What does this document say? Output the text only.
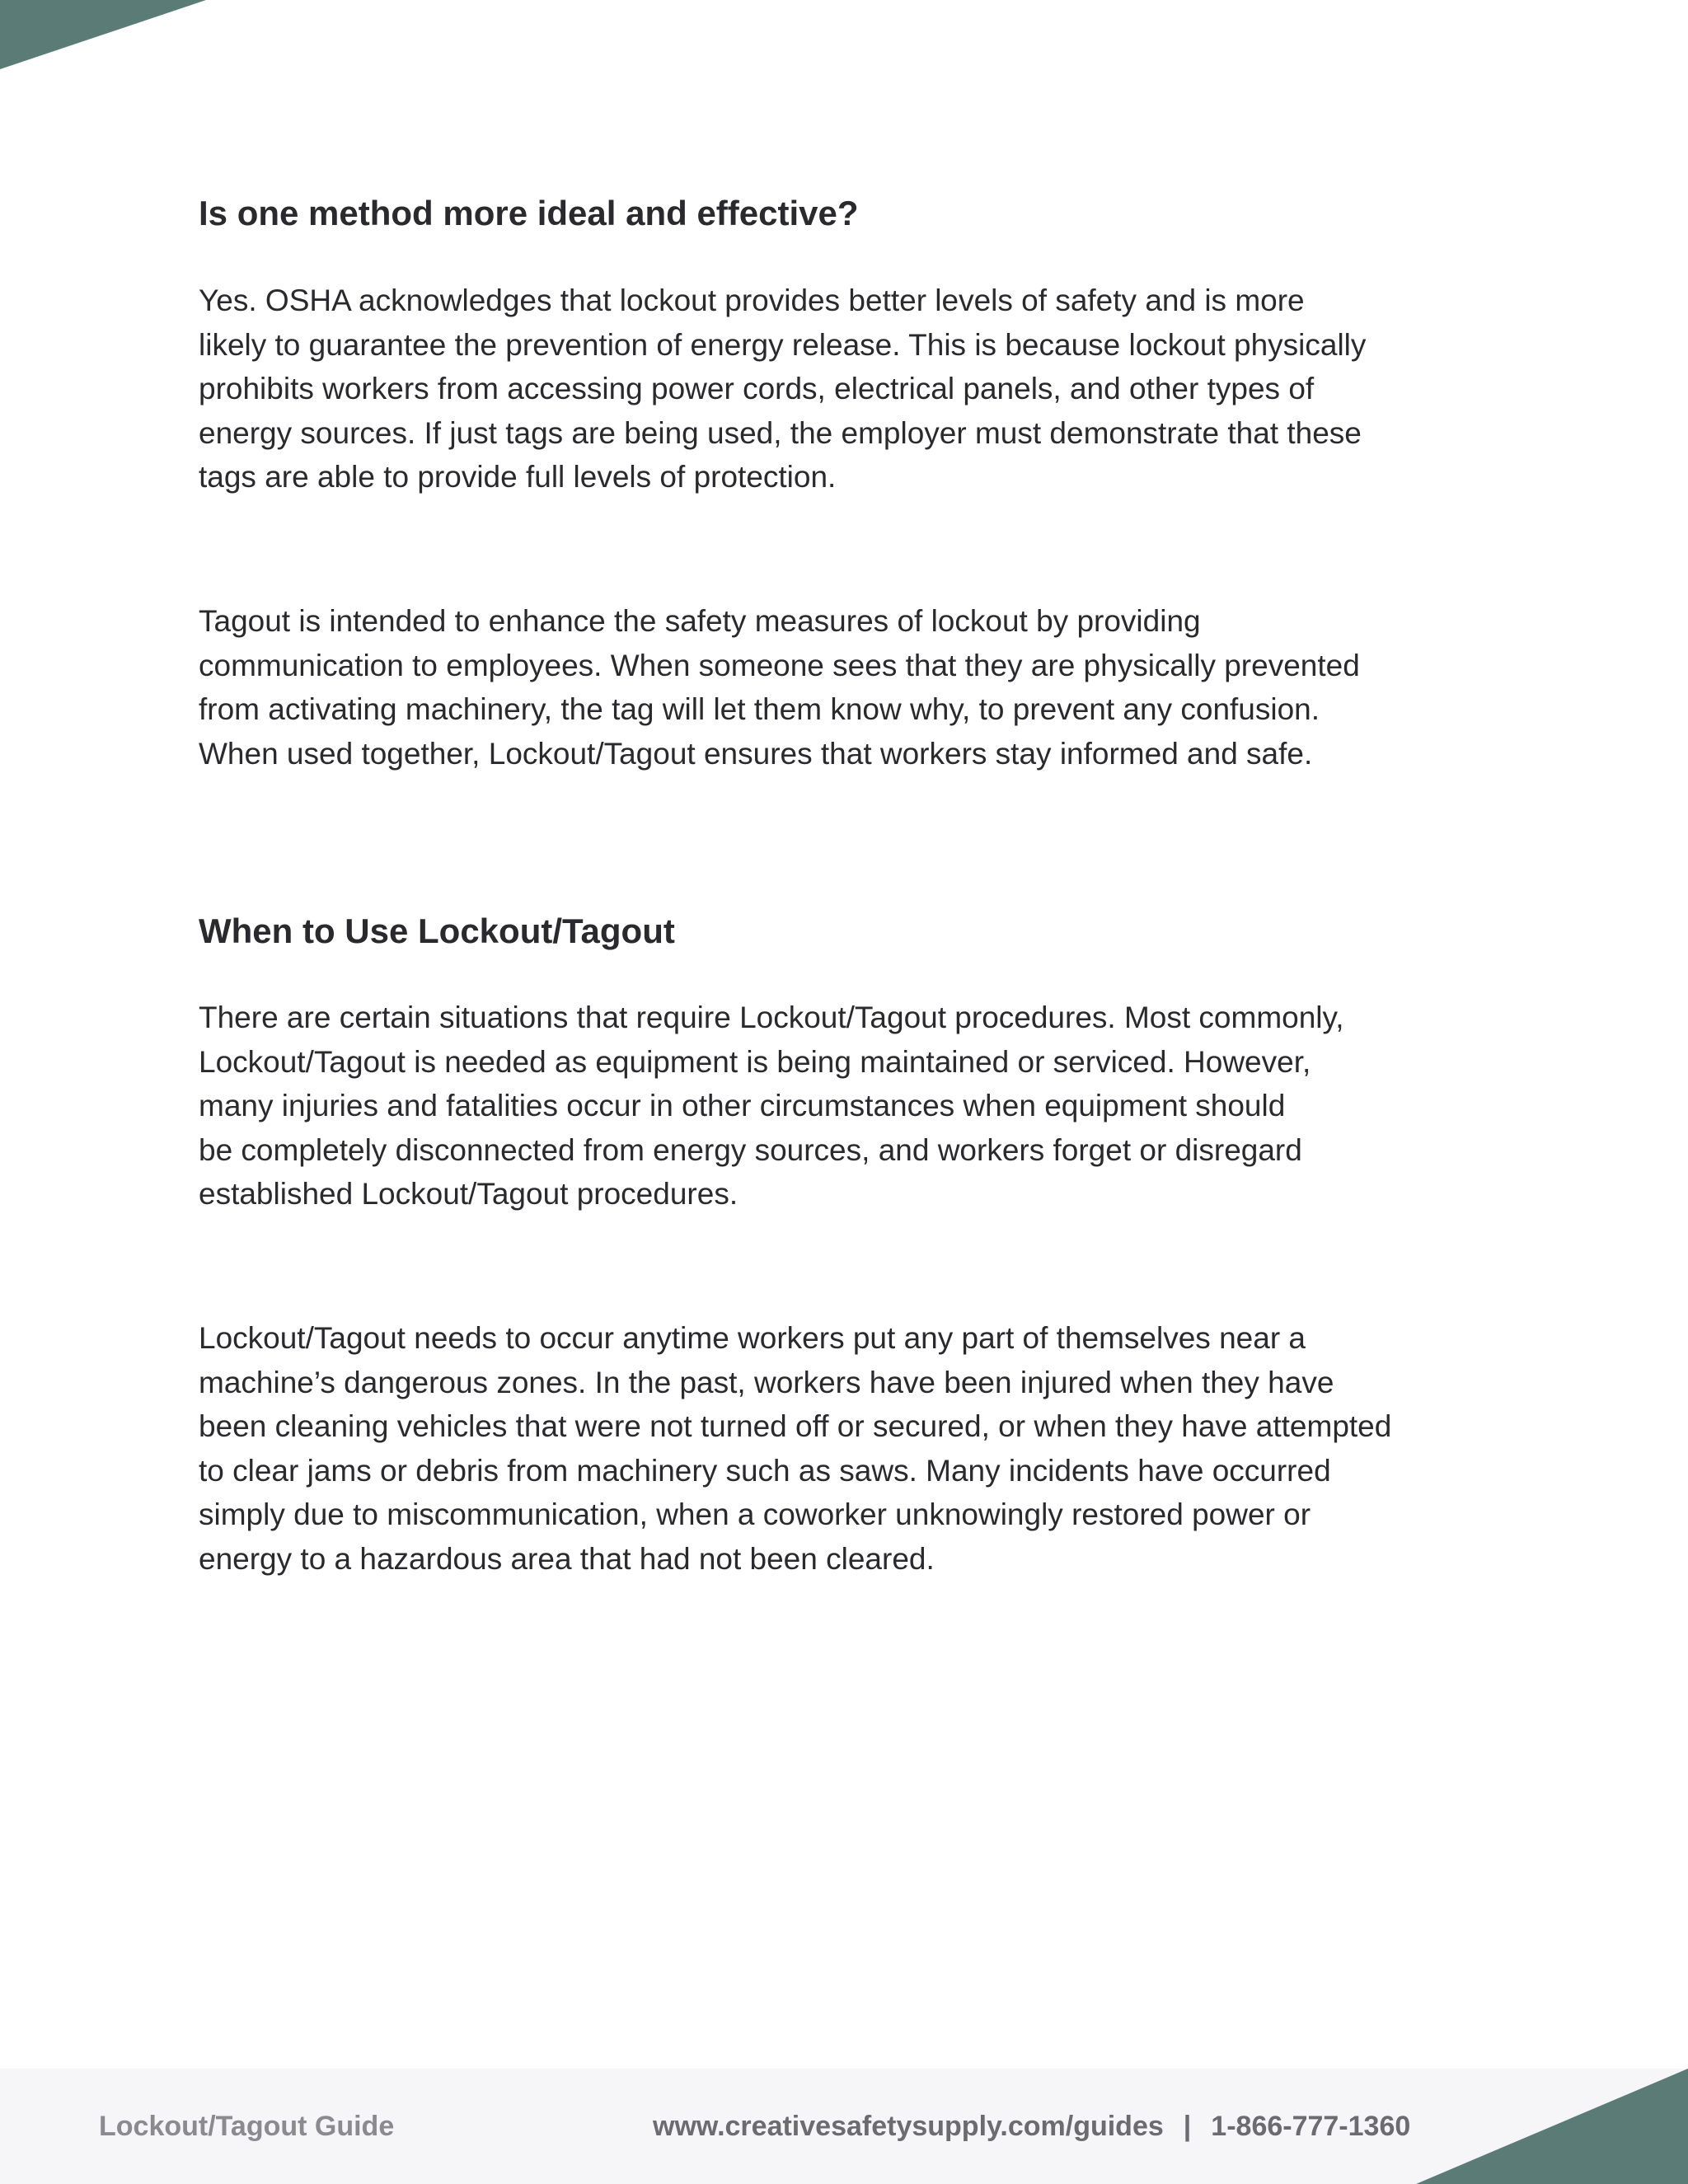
Is one method more ideal and effective?

Yes. OSHA acknowledges that lockout provides better levels of safety and is more
likely to guarantee the prevention of energy release. This is because lockout physically
prohibits workers from accessing power cords, electrical panels, and other types of
energy sources. If just tags are being used, the employer must demonstrate that these
tags are able to provide full levels of protection.

Tagout is intended to enhance the safety measures of lockout by providing
communication to employees. When someone sees that they are physically prevented
from activating machinery, the tag will let them know why, to prevent any confusion.
When used together, Lockout/Tagout ensures that workers stay informed and safe.

When to Use Lockout/Tagout

There are certain situations that require Lockout/Tagout procedures. Most commonly,
Lockout/Tagout is needed as equipment is being maintained or serviced. However,
many injuries and fatalities occur in other circumstances when equipment should
be completely disconnected from energy sources, and workers forget or disregard
established Lockout/Tagout procedures.

Lockout/Tagout needs to occur anytime workers put any part of themselves near a
machine’s dangerous zones. In the past, workers have been injured when they have
been cleaning vehicles that were not turned off or secured, or when they have attempted
to clear jams or debris from machinery such as saws. Many incidents have occurred
simply due to miscommunication, when a coworker unknowingly restored power or
energy to a hazardous area that had not been cleared.

Lockout/Tagout Guide	www.creativesafetysupply.com/guides | 1-866-777-1360
